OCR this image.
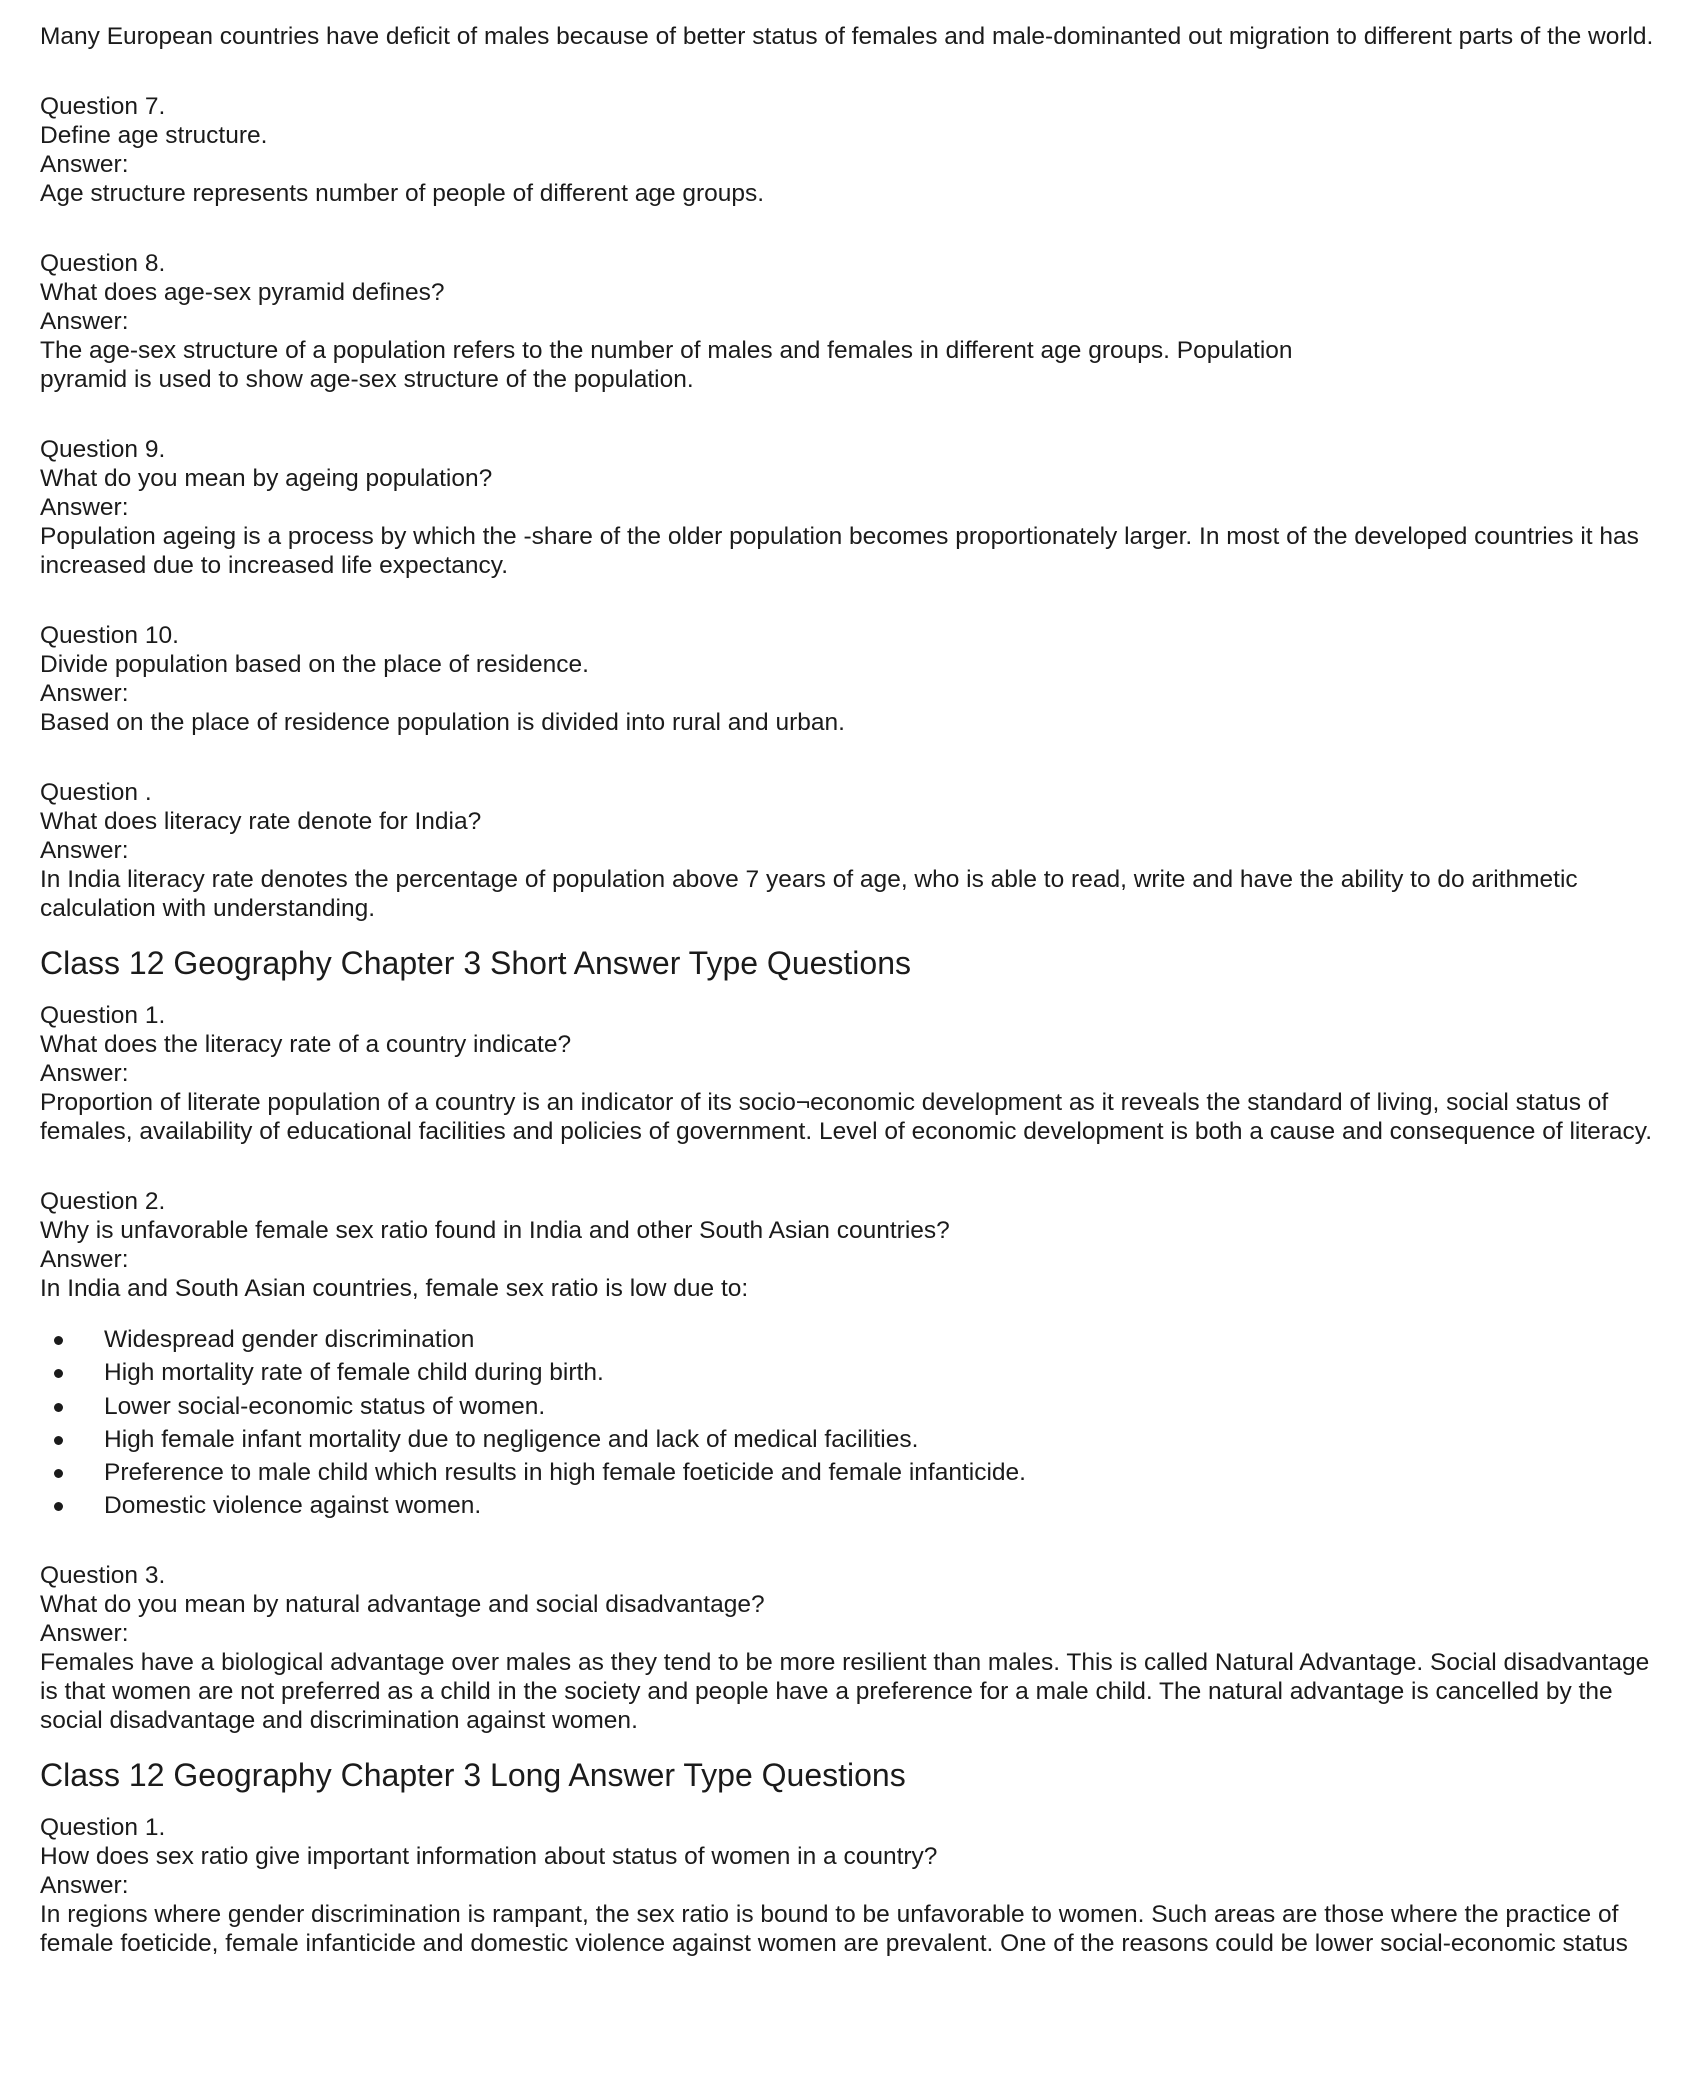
Many European countries have deficit of males because of better status of females and male-dominanted out migration to different parts of the world.

Question 7.
Define age structure.
Answer:
Age structure represents number of people of different age groups.
Question 8.
What does age-sex pyramid defines?
Answer:
The age-sex structure of a population refers to the number of males and females in different age groups. Population
pyramid is used to show age-sex structure of the population.
Question 9.
What do you mean by ageing population?
Answer:
Population ageing is a process by which the -share of the older population becomes proportionately larger. In most of the developed countries it has increased due to increased life expectancy.
Question 10.
Divide population based on the place of residence.
Answer:
Based on the place of residence population is divided into rural and urban.
Question .
What does literacy rate denote for India?
Answer:
In India literacy rate denotes the percentage of population above 7 years of age, who is able to read, write and have the ability to do arithmetic calculation with understanding.
Class 12 Geography Chapter 3 Short Answer Type Questions
Question 1.
What does the literacy rate of a country indicate?
Answer:
Proportion of literate population of a country is an indicator of its socio¬economic development as it reveals the standard of living, social status of females, availability of educational facilities and policies of government. Level of economic development is both a cause and consequence of literacy.
Question 2.
Why is unfavorable female sex ratio found in India and other South Asian countries?
Answer:
In India and South Asian countries, female sex ratio is low due to:
Widespread gender discrimination
High mortality rate of female child during birth.
Lower social-economic status of women.
High female infant mortality due to negligence and lack of medical facilities.
Preference to male child which results in high female foeticide and female infanticide.
Domestic violence against women.
Question 3.
What do you mean by natural advantage and social disadvantage?
Answer:
Females have a biological advantage over males as they tend to be more resilient than males. This is called Natural Advantage. Social disadvantage is that women are not preferred as a child in the society and people have a preference for a male child. The natural advantage is cancelled by the social disadvantage and discrimination against women.
Class 12 Geography Chapter 3 Long Answer Type Questions
Question 1.
How does sex ratio give important information about status of women in a country?
Answer:
In regions where gender discrimination is rampant, the sex ratio is bound to be unfavorable to women. Such areas are those where the practice of female foeticide, female infanticide and domestic violence against women are prevalent. One of the reasons could be lower social-economic status
